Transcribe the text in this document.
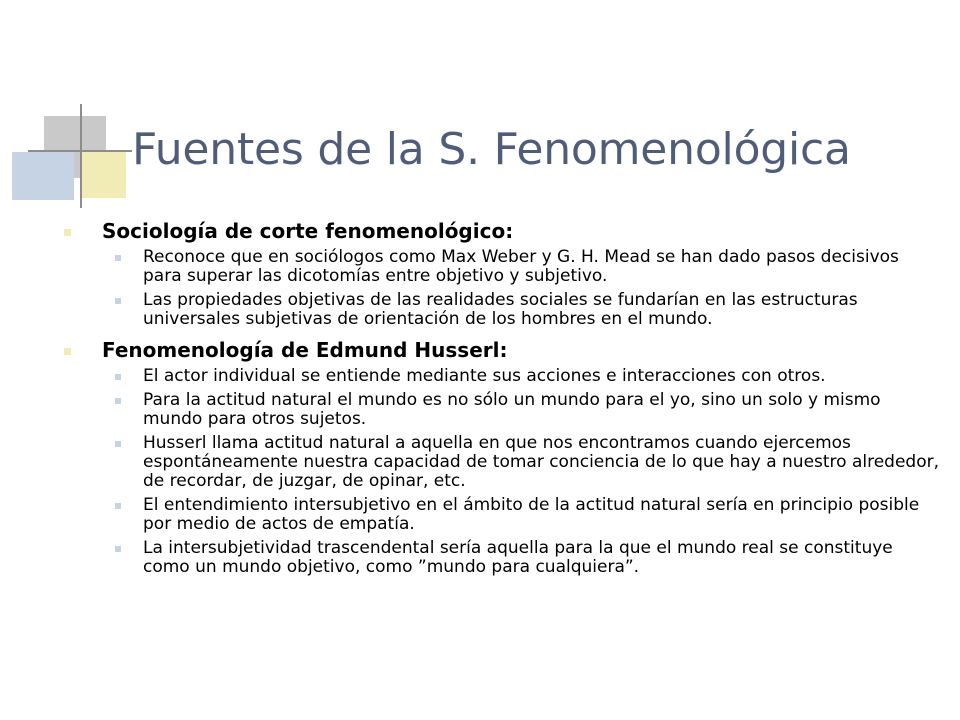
Fuentes de la S. Fenomenológica
Sociología de corte fenomenológico:
Reconoce que en sociólogos como Max Weber y G. H. Mead se han dado pasos decisivos para superar las dicotomías entre objetivo y subjetivo.
Las propiedades objetivas de las realidades sociales se fundarían en las estructuras universales subjetivas de orientación de los hombres en el mundo.
Fenomenología de Edmund Husserl:
El actor individual se entiende mediante sus acciones e interacciones con otros.
Para la actitud natural el mundo es no sólo un mundo para el yo, sino un solo y mismo mundo para otros sujetos.
Husserl llama actitud natural a aquella en que nos encontramos cuando ejercemos espontáneamente nuestra capacidad de tomar conciencia de lo que hay a nuestro alrededor, de recordar, de juzgar, de opinar, etc.
El entendimiento intersubjetivo en el ámbito de la actitud natural sería en principio posible por medio de actos de empatía.
La intersubjetividad trascendental sería aquella para la que el mundo real se constituye como un mundo objetivo, como ”mundo para cualquiera”.
